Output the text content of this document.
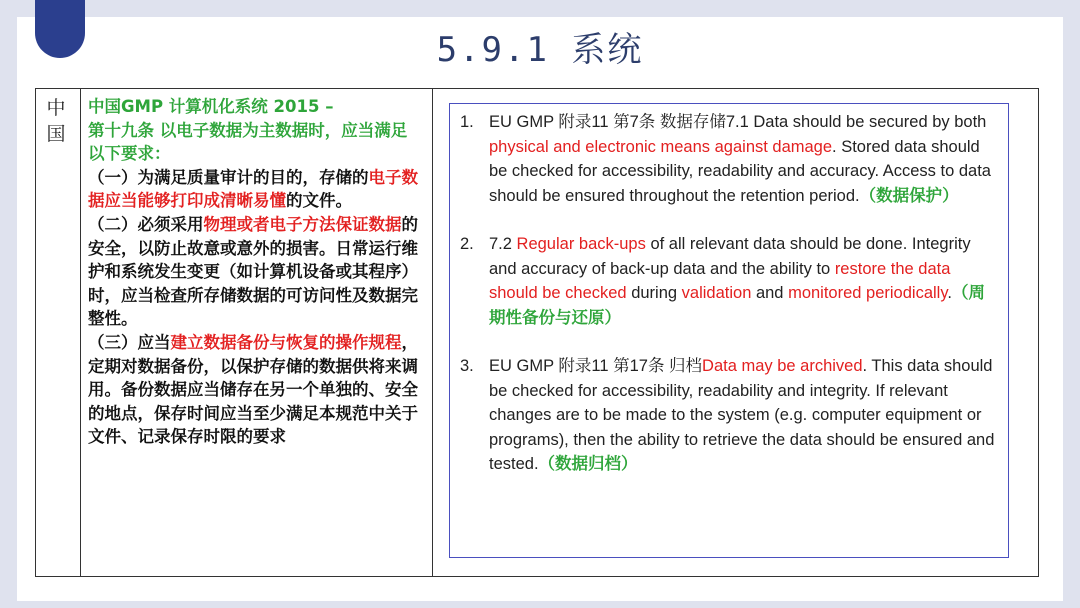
5.9.1 系统
中
国

中国GMP 计算机化系统 2015 –
第十九条 以电子数据为主数据时，应当满足以下要求：

（一）为满足质量审计的目的，存储的电子数据应当能够打印成清晰易懂的文件。

（二）必须采用物理或者电子方法保证数据的安全，以防止故意或意外的损害。日常运行维护和系统发生变更（如计算机设备或其程序）时，应当检查所存储数据的可访问性及数据完整性。

（三）应当建立数据备份与恢复的操作规程，定期对数据备份，以保护存储的数据供将来调用。备份数据应当储存在另一个单独的、安全的地点，保存时间应当至少满足本规范中关于文件、记录保存时限的要求

1. EU GMP 附录11 第7条 数据存储7.1 Data should be secured by both physical and electronic means against damage. Stored data should be checked for accessibility, readability and accuracy. Access to data should be ensured throughout the retention period.（数据保护）
2. 7.2 Regular back-ups of all relevant data should be done. Integrity and accuracy of back-up data and the ability to restore the data should be checked during validation and monitored periodically.（周期性备份与还原）
3. EU GMP 附录11 第17条 归档Data may be archived. This data should be checked for accessibility, readability and integrity. If relevant changes are to be made to the system (e.g. computer equipment or programs), then the ability to retrieve the data should be ensured and tested.（数据归档）
